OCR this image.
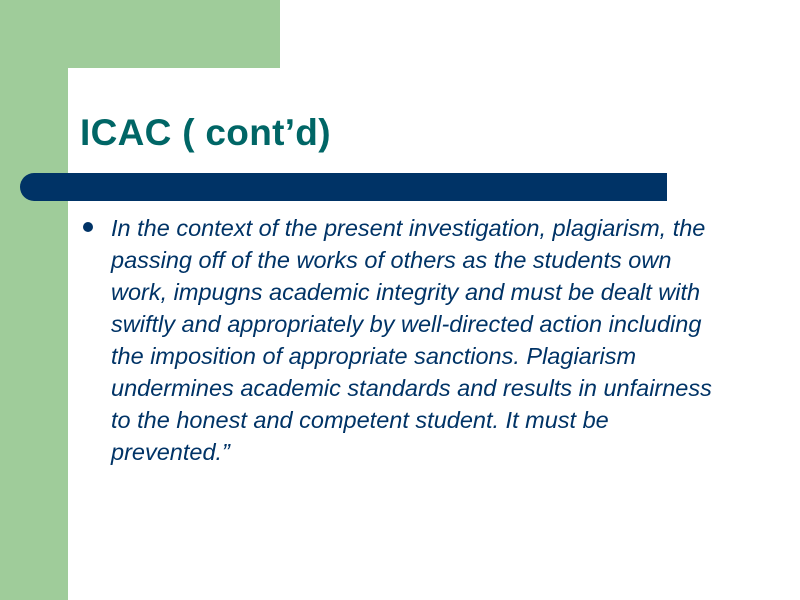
ICAC ( cont’d)
In the context of the present investigation, plagiarism, the passing off of the works of others as the students own work, impugns academic integrity and must be dealt with swiftly and appropriately by well-directed action including the imposition of appropriate sanctions. Plagiarism undermines academic standards and results in unfairness to the honest and competent student. It must be prevented.”
